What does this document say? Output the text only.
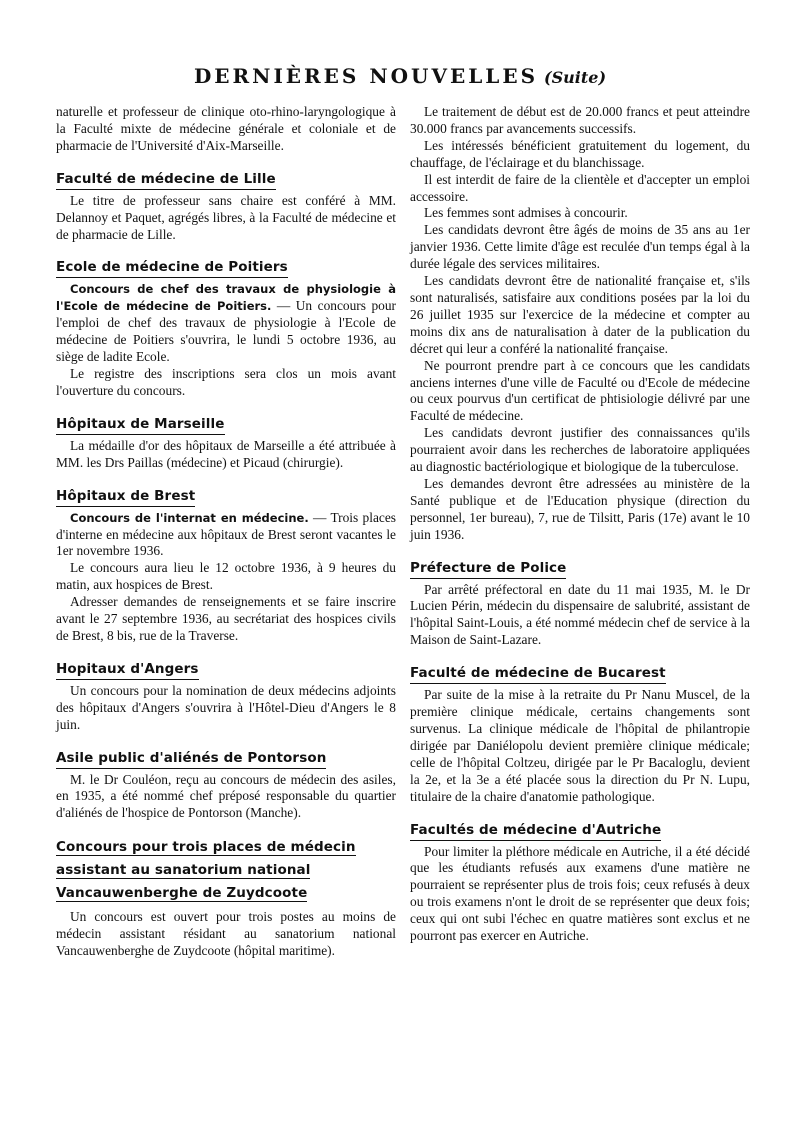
DERNIÈRES NOUVELLES (Suite)

naturelle et professeur de clinique oto-rhino-laryngologique à la Faculté mixte de médecine générale et coloniale et de pharmacie de l'Université d'Aix-Marseille.

Faculté de médecine de Lille

Le titre de professeur sans chaire est conféré à MM. Delannoy et Paquet, agrégés libres, à la Faculté de médecine et de pharmacie de Lille.

Ecole de médecine de Poitiers

Concours de chef des travaux de physiologie à l'Ecole de médecine de Poitiers. — Un concours pour l'emploi de chef des travaux de physiologie à l'Ecole de médecine de Poitiers s'ouvrira, le lundi 5 octobre 1936, au siège de ladite Ecole.

Le registre des inscriptions sera clos un mois avant l'ouverture du concours.

Hôpitaux de Marseille

La médaille d'or des hôpitaux de Marseille a été attribuée à MM. les Drs Paillas (médecine) et Picaud (chirurgie).

Hôpitaux de Brest

Concours de l'internat en médecine. — Trois places d'interne en médecine aux hôpitaux de Brest seront vacantes le 1er novembre 1936.

Le concours aura lieu le 12 octobre 1936, à 9 heures du matin, aux hospices de Brest.

Adresser demandes de renseignements et se faire inscrire avant le 27 septembre 1936, au secrétariat des hospices civils de Brest, 8 bis, rue de la Traverse.

Hopitaux d'Angers

Un concours pour la nomination de deux médecins adjoints des hôpitaux d'Angers s'ouvrira à l'Hôtel-Dieu d'Angers le 8 juin.

Asile public d'aliénés de Pontorson

M. le Dr Couléon, reçu au concours de médecin des asiles, en 1935, a été nommé chef préposé responsable du quartier d'aliénés de l'hospice de Pontorson (Manche).

Concours pour trois places de médecin assistant au sanatorium national Vancauwenberghe de Zuydcoote

Un concours est ouvert pour trois postes au moins de médecin assistant résidant au sanatorium national Vancauwenberghe de Zuydcoote (hôpital maritime).

Le traitement de début est de 20.000 francs et peut atteindre 30.000 francs par avancements successifs.

Les intéressés bénéficient gratuitement du logement, du chauffage, de l'éclairage et du blanchissage.

Il est interdit de faire de la clientèle et d'accepter un emploi accessoire.

Les femmes sont admises à concourir.

Les candidats devront être âgés de moins de 35 ans au 1er janvier 1936. Cette limite d'âge est reculée d'un temps égal à la durée légale des services militaires.

Les candidats devront être de nationalité française et, s'ils sont naturalisés, satisfaire aux conditions posées par la loi du 26 juillet 1935 sur l'exercice de la médecine et compter au moins dix ans de naturalisation à dater de la publication du décret qui leur a conféré la nationalité française.

Ne pourront prendre part à ce concours que les candidats anciens internes d'une ville de Faculté ou d'Ecole de médecine ou ceux pourvus d'un certificat de phtisiologie délivré par une Faculté de médecine.

Les candidats devront justifier des connaissances qu'ils pourraient avoir dans les recherches de laboratoire appliquées au diagnostic bactériologique et biologique de la tuberculose.

Les demandes devront être adressées au ministère de la Santé publique et de l'Education physique (direction du personnel, 1er bureau), 7, rue de Tilsitt, Paris (17e) avant le 10 juin 1936.

Préfecture de Police

Par arrêté préfectoral en date du 11 mai 1935, M. le Dr Lucien Périn, médecin du dispensaire de salubrité, assistant de l'hôpital Saint-Louis, a été nommé médecin chef de service à la Maison de Saint-Lazare.

Faculté de médecine de Bucarest

Par suite de la mise à la retraite du Pr Nanu Muscel, de la première clinique médicale, certains changements sont survenus. La clinique médicale de l'hôpital de philantropie dirigée par Daniélopolu devient première clinique médicale; celle de l'hôpital Coltzeu, dirigée par le Pr Bacaloglu, devient la 2e, et la 3e a été placée sous la direction du Pr N. Lupu, titulaire de la chaire d'anatomie pathologique.

Facultés de médecine d'Autriche

Pour limiter la pléthore médicale en Autriche, il a été décidé que les étudiants refusés aux examens d'une matière ne pourraient se représenter plus de trois fois; ceux refusés à deux ou trois examens n'ont le droit de se représenter que deux fois; ceux qui ont subi l'échec en quatre matières sont exclus et ne pourront pas exercer en Autriche.
